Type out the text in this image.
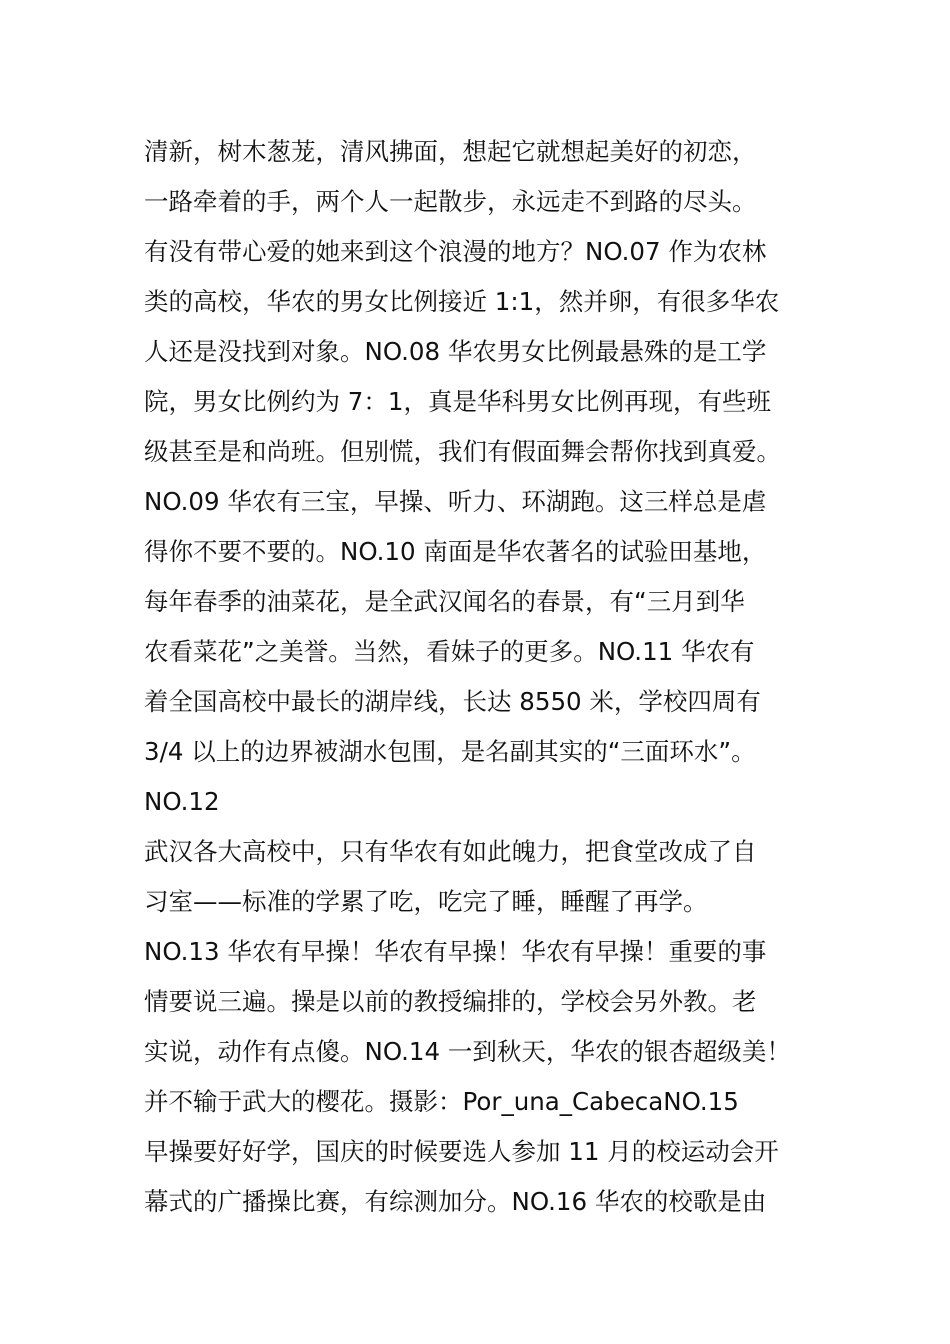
清新，树木葱茏，清风拂面，想起它就想起美好的初恋，
一路牵着的手，两个人一起散步，永远走不到路的尽头。
有没有带心爱的她来到这个浪漫的地方？NO.07 作为农林
类的高校，华农的男女比例接近 1:1，然并卵，有很多华农
人还是没找到对象。NO.08 华农男女比例最悬殊的是工学
院，男女比例约为 7：1，真是华科男女比例再现，有些班
级甚至是和尚班。但别慌，我们有假面舞会帮你找到真爱。
NO.09 华农有三宝，早操、听力、环湖跑。这三样总是虐
得你不要不要的。NO.10 南面是华农著名的试验田基地，
每年春季的油菜花，是全武汉闻名的春景，有“三月到华
农看菜花”之美誉。当然，看妹子的更多。NO.11 华农有
着全国高校中最长的湖岸线，长达 8550 米，学校四周有
3/4 以上的边界被湖水包围，是名副其实的“三面环水”。
NO.12
武汉各大高校中，只有华农有如此魄力，把食堂改成了自
习室——标准的学累了吃，吃完了睡，睡醒了再学。
NO.13 华农有早操！华农有早操！华农有早操！重要的事
情要说三遍。操是以前的教授编排的，学校会另外教。老
实说，动作有点傻。NO.14 一到秋天，华农的银杏超级美！
并不输于武大的樱花。摄影：Por_una_CabecaNO.15
早操要好好学，国庆的时候要选人参加 11 月的校运动会开
幕式的广播操比赛，有综测加分。NO.16 华农的校歌是由
